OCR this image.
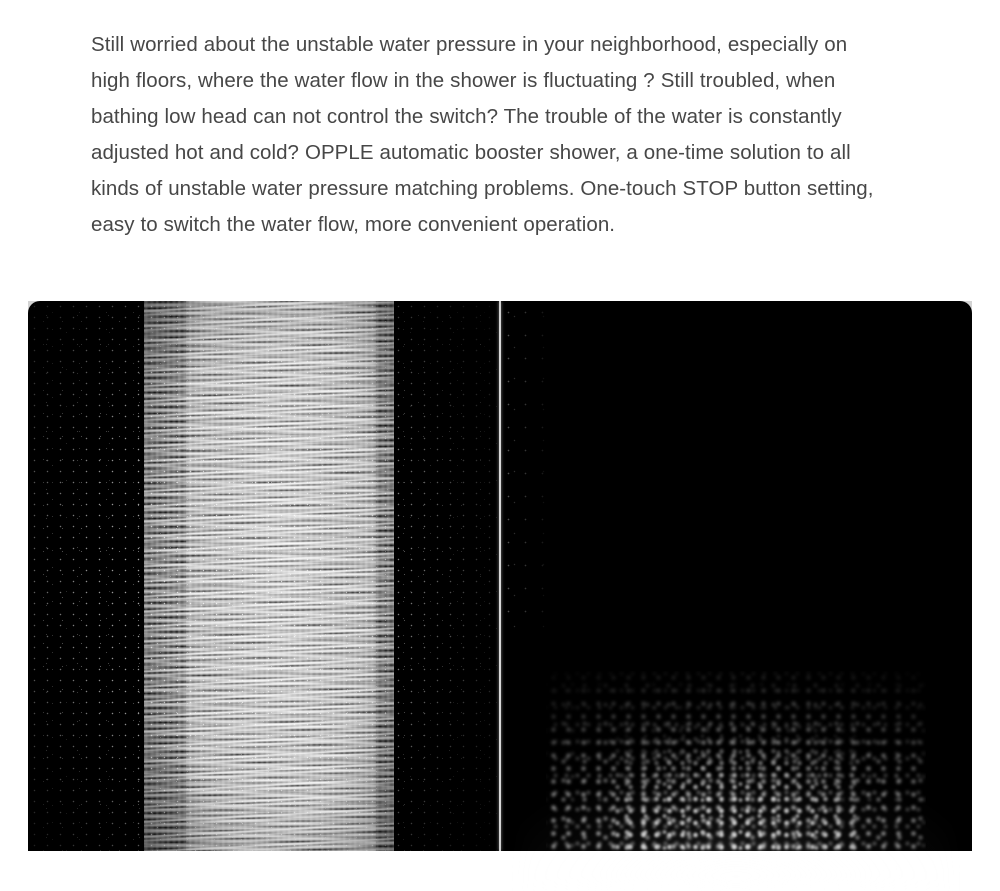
Still worried about the unstable water pressure in your neighborhood, especially on high floors, where the water flow in the shower is fluctuating ? Still troubled, when bathing low head can not control the switch? The trouble of the water is constantly adjusted hot and cold? OPPLE automatic booster shower, a one-time solution to all kinds of unstable water pressure matching problems. One-touch STOP button setting, easy to switch the water flow, more convenient operation.
